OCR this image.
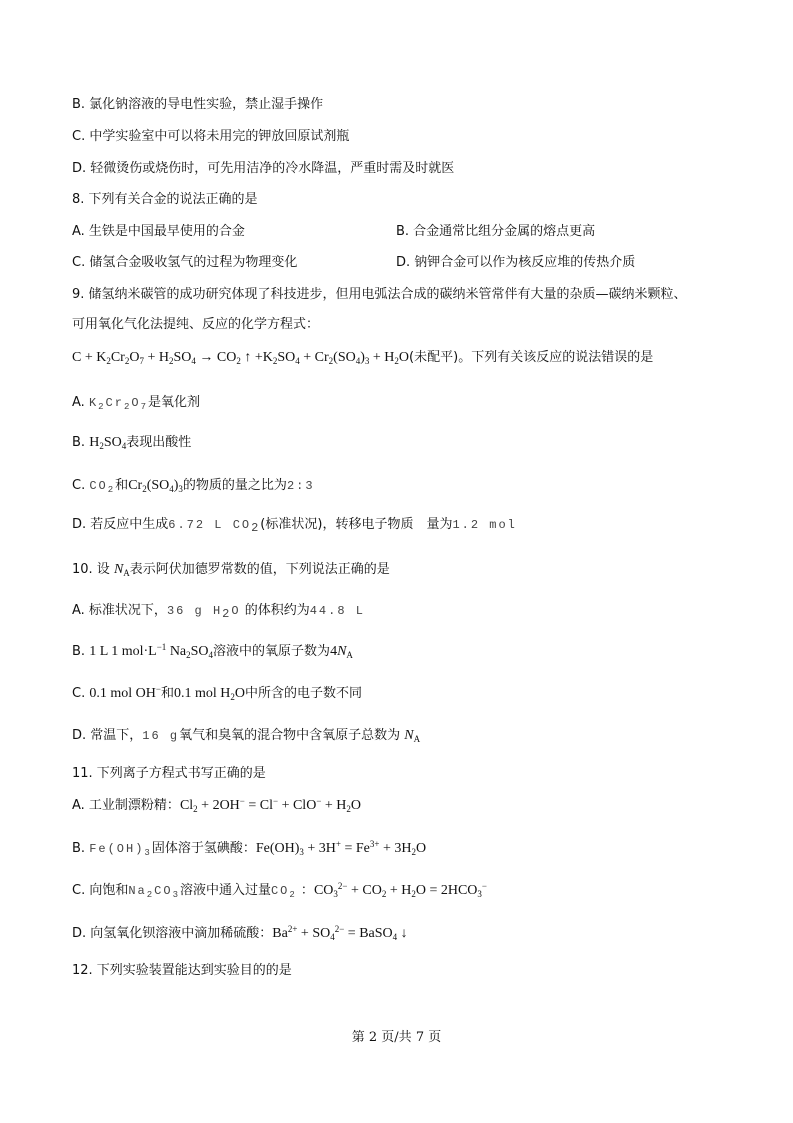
B. 氯化钠溶液的导电性实验，禁止湿手操作
C. 中学实验室中可以将未用完的钾放回原试剂瓶
D. 轻微烫伤或烧伤时，可先用洁净的冷水降温，严重时需及时就医
8. 下列有关合金的说法正确的是
A. 生铁是中国最早使用的合金	B. 合金通常比组分金属的熔点更高
C. 储氢合金吸收氢气的过程为物理变化	D. 钠钾合金可以作为核反应堆的传热介质
9. 储氢纳米碳管的成功研究体现了科技进步，但用电弧法合成的碳纳米管常伴有大量的杂质—碳纳米颗粒、
可用氧化气化法提纯、反应的化学方程式：
$C + K_2Cr_2O_7 + H_2SO_4 \to CO_2$ ↑ $+K_2SO_4 + Cr_2(SO_4)_3 + H_2O$(未配平)。下列有关该反应的说法错误的是
A. $K_2Cr_2O_7$是氧化剂
B. $H_2SO_4$表现出酸性
C. $CO_2$和$Cr_2(SO_4)_3$的物质的量之比为2:3
D. 若反应中生成6.72 L $CO_2$(标准状况)，转移电子物质　量为1.2 mol
10. 设 $N_A$表示阿伏加德罗常数的值，下列说法正确的是
A. 标准状况下，36 g $H_2O$ 的体积约为44.8 L
B. 1 L 1 $mol\cdot L^{-1}$ $Na_2SO_4$溶液中的氧原子数为$4N_A$
C. 0.1 mol OH−和0.1 mol $H_2O$中所含的电子数不同
D. 常温下，16 g氧气和臭氧的混合物中含氧原子总数为 $N_A$
11. 下列离子方程式书写正确的是
A. 工业制漂粉精：$Cl_2 + 2OH^- = Cl^- + ClO^- + H_2O$
B. $Fe(OH)_3$固体溶于氢碘酸：$Fe(OH)_3 + 3H^+ = Fe^{3+} + 3H_2O$
C. 向饱和$Na_2CO_3$溶液中通入过量$CO_2$ ：$CO_3^{2-} + CO_2 + H_2O = 2HCO_3^-$
D. 向氢氧化钡溶液中滴加稀硫酸：$Ba^{2+} + SO_4^{2-}$ = BaSO$_4$ ↓
12. 下列实验装置能达到实验目的的是
第 2 页/共 7 页
